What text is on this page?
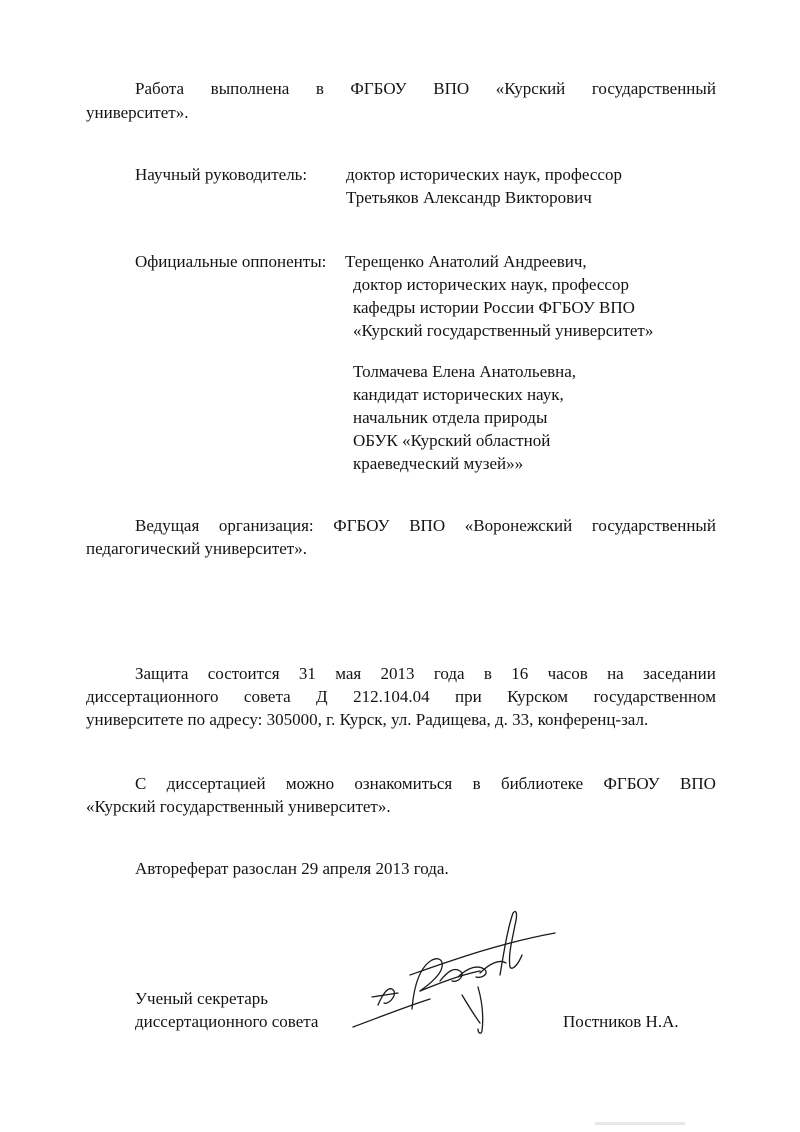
Работа выполнена в ФГБОУ ВПО «Курский государственный
университет».
Научный руководитель: доктор исторических наук, профессор
Третьяков Александр Викторович
Официальные оппоненты: Терещенко Анатолий Андреевич,
доктор исторических наук, профессор
кафедры истории России ФГБОУ ВПО
«Курский государственный университет»
Толмачева Елена Анатольевна,
кандидат исторических наук,
начальник отдела природы
ОБУК «Курский областной
краеведческий музей»»
Ведущая организация: ФГБОУ ВПО «Воронежский государственный
педагогический университет».
Защита состоится 31 мая 2013 года в 16 часов на заседании
диссертационного совета Д 212.104.04 при Курском государственном
университете по адресу: 305000, г. Курск, ул. Радищева, д. 33, конференц-зал.
С диссертацией можно ознакомиться в библиотеке ФГБОУ ВПО
«Курский государственный университет».
Автореферат разослан 29 апреля 2013 года.
Ученый секретарь
диссертационного совета	Постников Н.А.
